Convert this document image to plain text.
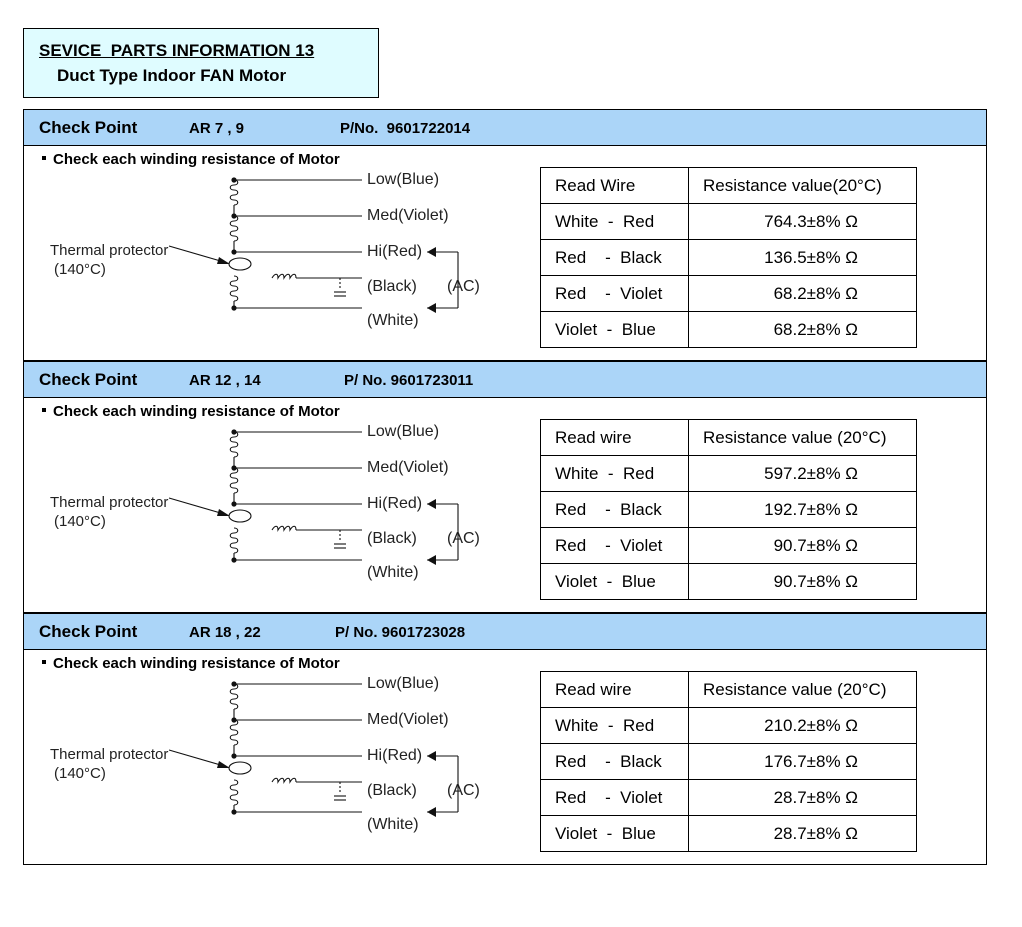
SEVICE  PARTS INFORMATION 13
Duct Type Indoor FAN Motor
Check Point	AR 7 , 9	P/No.  9601722014
Check each winding resistance of Motor
Low(Blue)
Med(Violet)
Hi(Red)
(Black) (AC)
(White)
Thermal protector
(140°C)
Read Wire	Resistance value(20°C)
White  -  Red	764.3±8% Ω
Red    -  Black	136.5±8% Ω
Red    -  Violet	68.2±8% Ω
Violet  -  Blue	68.2±8% Ω
Check Point	AR 12 , 14	P/ No. 9601723011
Check each winding resistance of Motor
Low(Blue)
Med(Violet)
Hi(Red)
(Black) (AC)
(White)
Thermal protector
(140°C)
Read wire	Resistance value (20°C)
White  -  Red	597.2±8% Ω
Red    -  Black	192.7±8% Ω
Red    -  Violet	90.7±8% Ω
Violet  -  Blue	90.7±8% Ω
Check Point	AR 18 , 22	P/ No. 9601723028
Check each winding resistance of Motor
Low(Blue)
Med(Violet)
Hi(Red)
(Black) (AC)
(White)
Thermal protector
(140°C)
Read wire	Resistance value (20°C)
White  -  Red	210.2±8% Ω
Red    -  Black	176.7±8% Ω
Red    -  Violet	28.7±8% Ω
Violet  -  Blue	28.7±8% Ω
